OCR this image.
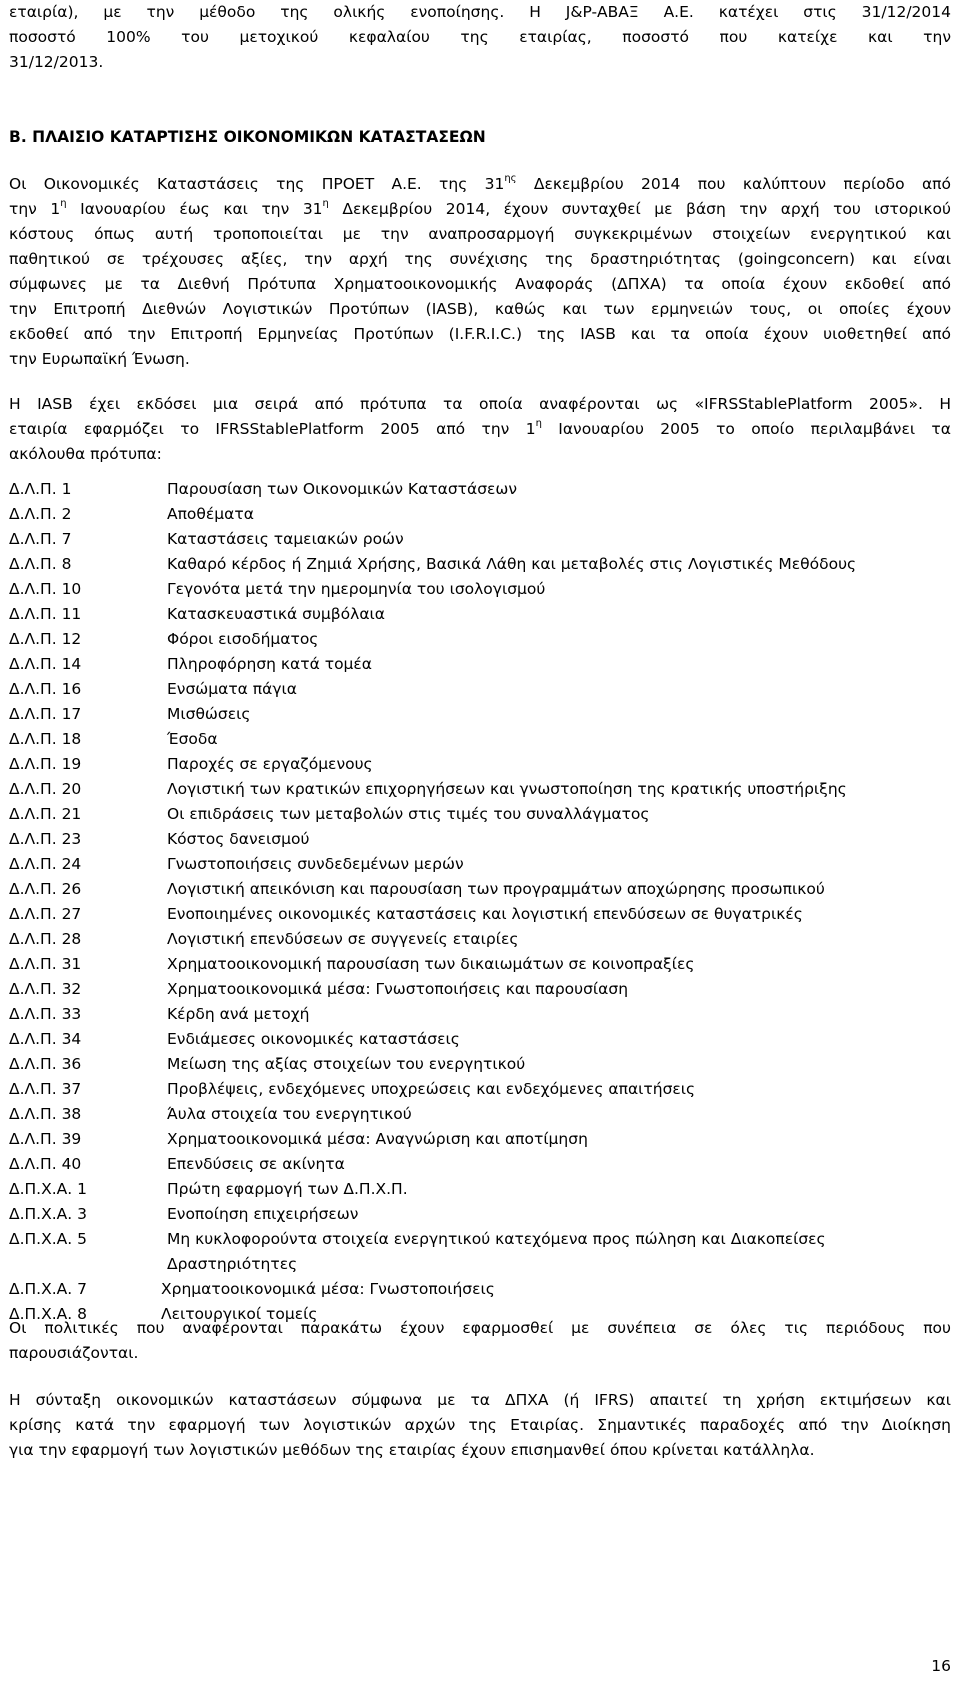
εταιρία), με την μέθοδο της ολικής ενοποίησης. Η J&P-ΑΒΑΞ Α.Ε. κατέχει στις 31/12/2014
ποσοστό 100% του μετοχικού κεφαλαίου της εταιρίας, ποσοστό που κατείχε και την
31/12/2013.
Β. ΠΛΑΙΣΙΟ ΚΑΤΑΡΤΙΣΗΣ ΟΙΚΟΝΟΜΙΚΩΝ ΚΑΤΑΣΤΑΣΕΩΝ
Οι Οικονομικές Καταστάσεις της ΠΡΟΕΤ Α.Ε. της $31^{\eta\varsigma}$ Δεκεμβρίου 2014 που καλύπτουν περίοδο από
την $1^\eta$ Ιανουαρίου έως και την $31^\eta$ Δεκεμβρίου 2014, έχουν συνταχθεί με βάση την αρχή του ιστορικού
κόστους όπως αυτή τροποποιείται με την αναπροσαρμογή συγκεκριμένων στοιχείων ενεργητικού και
παθητικού σε τρέχουσες αξίες, την αρχή της συνέχισης της δραστηριότητας (goingconcern) και είναι
σύμφωνες με τα Διεθνή Πρότυπα Χρηματοοικονομικής Αναφοράς (ΔΠΧΑ) τα οποία έχουν εκδοθεί από
την Επιτροπή Διεθνών Λογιστικών Προτύπων (IASB), καθώς και των ερμηνειών τους, οι οποίες έχουν
εκδοθεί από την Επιτροπή Ερμηνείας Προτύπων (I.F.R.I.C.) της IASB και τα οποία έχουν υιοθετηθεί από
την Ευρωπαϊκή Ένωση.
Η IASB έχει εκδόσει μια σειρά από πρότυπα τα οποία αναφέρονται ως «IFRSStablePlatform 2005». Η
εταιρία εφαρμόζει το IFRSStablePlatform 2005 από την $1^\eta$ Ιανουαρίου 2005 το οποίο περιλαμβάνει τα
ακόλουθα πρότυπα:
Δ.Λ.Π. 1	Παρουσίαση των Οικονομικών Καταστάσεων
Δ.Λ.Π. 2	Αποθέματα
Δ.Λ.Π. 7	Καταστάσεις ταμειακών ροών
Δ.Λ.Π. 8	Καθαρό κέρδος ή Ζημιά Χρήσης, Βασικά Λάθη και μεταβολές στις Λογιστικές Μεθόδους
Δ.Λ.Π. 10	Γεγονότα μετά την ημερομηνία του ισολογισμού
Δ.Λ.Π. 11	Κατασκευαστικά συμβόλαια
Δ.Λ.Π. 12	Φόροι εισοδήματος
Δ.Λ.Π. 14	Πληροφόρηση κατά τομέα
Δ.Λ.Π. 16	Ενσώματα πάγια
Δ.Λ.Π. 17	Μισθώσεις
Δ.Λ.Π. 18	Έσοδα
Δ.Λ.Π. 19	Παροχές σε εργαζόμενους
Δ.Λ.Π. 20	Λογιστική των κρατικών επιχορηγήσεων και γνωστοποίηση της κρατικής υποστήριξης
Δ.Λ.Π. 21	Οι επιδράσεις των μεταβολών στις τιμές του συναλλάγματος
Δ.Λ.Π. 23	Κόστος δανεισμού
Δ.Λ.Π. 24	Γνωστοποιήσεις συνδεδεμένων μερών
Δ.Λ.Π. 26	Λογιστική απεικόνιση και παρουσίαση των προγραμμάτων αποχώρησης προσωπικού
Δ.Λ.Π. 27	Ενοποιημένες οικονομικές καταστάσεις και λογιστική επενδύσεων σε θυγατρικές
Δ.Λ.Π. 28	Λογιστική επενδύσεων σε συγγενείς εταιρίες
Δ.Λ.Π. 31	Χρηματοοικονομική παρουσίαση των δικαιωμάτων σε κοινοπραξίες
Δ.Λ.Π. 32	Χρηματοοικονομικά μέσα: Γνωστοποιήσεις και παρουσίαση
Δ.Λ.Π. 33	Κέρδη ανά μετοχή
Δ.Λ.Π. 34	Ενδιάμεσες οικονομικές καταστάσεις
Δ.Λ.Π. 36	Μείωση της αξίας στοιχείων του ενεργητικού
Δ.Λ.Π. 37	Προβλέψεις, ενδεχόμενες υποχρεώσεις και ενδεχόμενες απαιτήσεις
Δ.Λ.Π. 38	Άυλα στοιχεία του ενεργητικού
Δ.Λ.Π. 39	Χρηματοοικονομικά μέσα: Αναγνώριση και αποτίμηση
Δ.Λ.Π. 40	Επενδύσεις σε ακίνητα
Δ.Π.Χ.Α. 1	Πρώτη εφαρμογή των Δ.Π.Χ.Π.
Δ.Π.Χ.Α. 3	Ενοποίηση επιχειρήσεων
Δ.Π.Χ.Α. 5	Μη κυκλοφορούντα στοιχεία ενεργητικού κατεχόμενα προς πώληση και Διακοπείσες Δραστηριότητες
Δ.Π.Χ.Α. 7	Χρηματοοικονομικά μέσα: Γνωστοποιήσεις
Δ.Π.Χ.Α. 8	Λειτουργικοί τομείς
Οι πολιτικές που αναφέρονται παρακάτω έχουν εφαρμοσθεί με συνέπεια σε όλες τις περιόδους που
παρουσιάζονται.
Η σύνταξη οικονομικών καταστάσεων σύμφωνα με τα ΔΠΧΑ (ή IFRS) απαιτεί τη χρήση εκτιμήσεων και
κρίσης κατά την εφαρμογή των λογιστικών αρχών της Εταιρίας. Σημαντικές παραδοχές από την Διοίκηση
για την εφαρμογή των λογιστικών μεθόδων της εταιρίας έχουν επισημανθεί όπου κρίνεται κατάλληλα.
16
